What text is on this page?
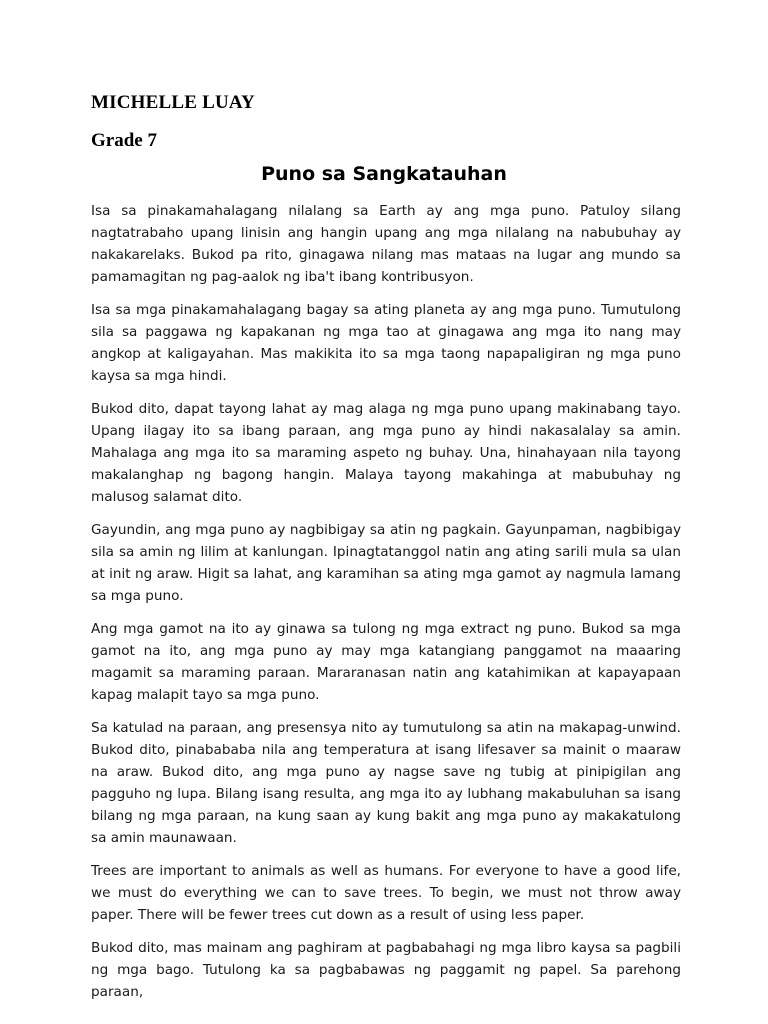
MICHELLE LUAY
Grade 7
Puno sa Sangkatauhan

Isa sa pinakamahalagang nilalang sa Earth ay ang mga puno. Patuloy silang nagtatrabaho upang linisin ang hangin upang ang mga nilalang na nabubuhay ay nakakarelaks. Bukod pa rito, ginagawa nilang mas mataas na lugar ang mundo sa pamamagitan ng pag-aalok ng iba't ibang kontribusyon.

Isa sa mga pinakamahalagang bagay sa ating planeta ay ang mga puno. Tumutulong sila sa paggawa ng kapakanan ng mga tao at ginagawa ang mga ito nang may angkop at kaligayahan. Mas makikita ito sa mga taong napapaligiran ng mga puno kaysa sa mga hindi.

Bukod dito, dapat tayong lahat ay mag alaga ng mga puno upang makinabang tayo. Upang ilagay ito sa ibang paraan, ang mga puno ay hindi nakasalalay sa amin. Mahalaga ang mga ito sa maraming aspeto ng buhay. Una, hinahayaan nila tayong makalanghap ng bagong hangin. Malaya tayong makahinga at mabubuhay ng malusog salamat dito.

Gayundin, ang mga puno ay nagbibigay sa atin ng pagkain. Gayunpaman, nagbibigay sila sa amin ng lilim at kanlungan. Ipinagtatanggol natin ang ating sarili mula sa ulan at init ng araw. Higit sa lahat, ang karamihan sa ating mga gamot ay nagmula lamang sa mga puno.

Ang mga gamot na ito ay ginawa sa tulong ng mga extract ng puno. Bukod sa mga gamot na ito, ang mga puno ay may mga katangiang panggamot na maaaring magamit sa maraming paraan. Mararanasan natin ang katahimikan at kapayapaan kapag malapit tayo sa mga puno.

Sa katulad na paraan, ang presensya nito ay tumutulong sa atin na makapag-unwind. Bukod dito, pinabababa nila ang temperatura at isang lifesaver sa mainit o maaraw na araw. Bukod dito, ang mga puno ay nagse save ng tubig at pinipigilan ang pagguho ng lupa. Bilang isang resulta, ang mga ito ay lubhang makabuluhan sa isang bilang ng mga paraan, na kung saan ay kung bakit ang mga puno ay makakatulong sa amin maunawaan.

Trees are important to animals as well as humans. For everyone to have a good life, we must do everything we can to save trees. To begin, we must not throw away paper. There will be fewer trees cut down as a result of using less paper.

Bukod dito, mas mainam ang paghiram at pagbabahagi ng mga libro kaysa sa pagbili ng mga bago. Tutulong ka sa pagbabawas ng paggamit ng papel. Sa parehong paraan,
